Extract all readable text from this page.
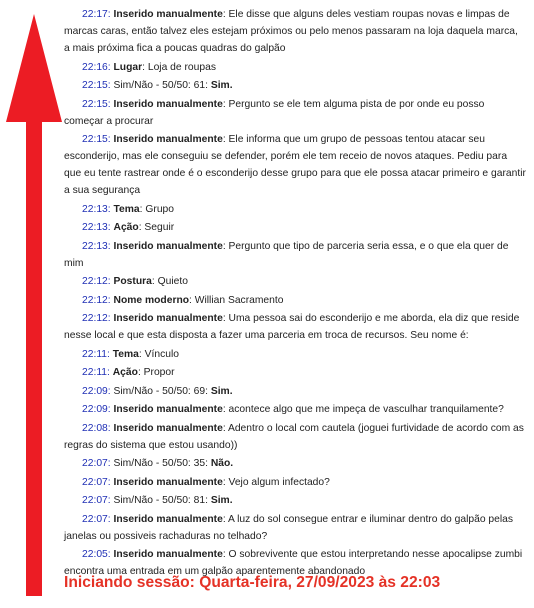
22:17: Inserido manualmente: Ele disse que alguns deles vestiam roupas novas e limpas de marcas caras, então talvez eles estejam próximos ou pelo menos passaram na loja daquela marca, a mais próxima fica a poucas quadras do galpão
22:16: Lugar: Loja de roupas
22:15: Sim/Não - 50/50: 61: Sim.
22:15: Inserido manualmente: Pergunto se ele tem alguma pista de por onde eu posso começar a procurar
22:15: Inserido manualmente: Ele informa que um grupo de pessoas tentou atacar seu esconderijo, mas ele conseguiu se defender, porém ele tem receio de novos ataques. Pediu para que eu tente rastrear onde é o esconderijo desse grupo para que ele possa atacar primeiro e garantir a sua segurança
22:13: Tema: Grupo
22:13: Ação: Seguir
22:13: Inserido manualmente: Pergunto que tipo de parceria seria essa, e o que ela quer de mim
22:12: Postura: Quieto
22:12: Nome moderno: Willian Sacramento
22:12: Inserido manualmente: Uma pessoa sai do esconderijo e me aborda, ela diz que reside nesse local e que esta disposta a fazer uma parceria em troca de recursos. Seu nome é:
22:11: Tema: Vínculo
22:11: Ação: Propor
22:09: Sim/Não - 50/50: 69: Sim.
22:09: Inserido manualmente: acontece algo que me impeça de vasculhar tranquilamente?
22:08: Inserido manualmente: Adentro o local com cautela (joguei furtividade de acordo com as regras do sistema que estou usando))
22:07: Sim/Não - 50/50: 35: Não.
22:07: Inserido manualmente: Vejo algum infectado?
22:07: Sim/Não - 50/50: 81: Sim.
22:07: Inserido manualmente: A luz do sol consegue entrar e iluminar dentro do galpão pelas janelas ou possiveis rachaduras no telhado?
22:05: Inserido manualmente: O sobrevivente que estou interpretando nesse apocalipse zumbi encontra uma entrada em um galpão aparentemente abandonado
Iniciando sessão: Quarta-feira, 27/09/2023 às 22:03
